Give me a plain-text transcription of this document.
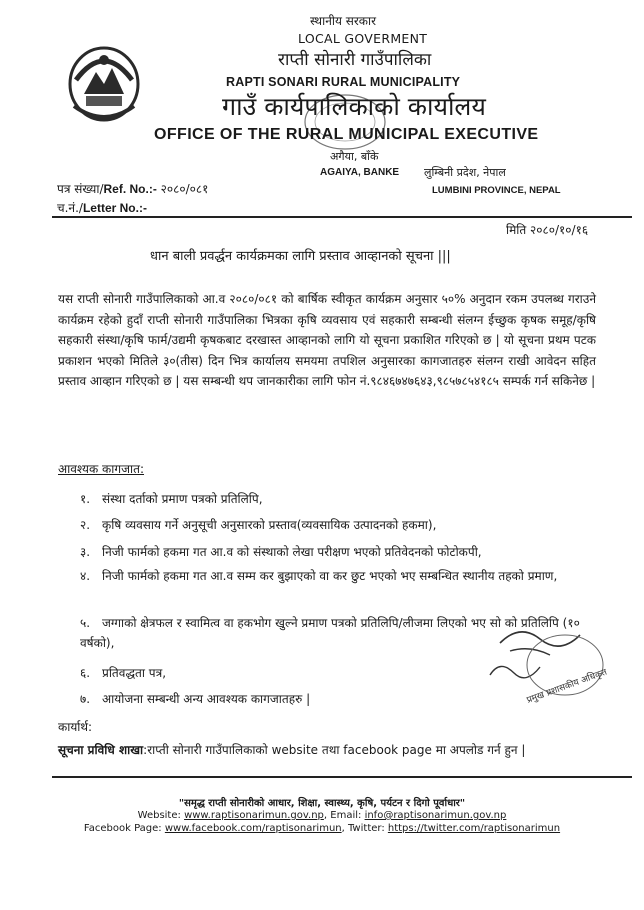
स्थानीय सरकार
LOCAL GOVERMENT
राप्ती सोनारी गाउँपालिका
RAPTI SONARI RURAL MUNICIPALITY
गाउँ कार्यपालिकाको कार्यालय
OFFICE OF THE RURAL MUNICIPAL EXECUTIVE
अगैया, बाँके
AGAIYA, BANKE लुम्बिनी प्रदेश, नेपाल
LUMBINI PROVINCE, NEPAL
पत्र संख्या/Ref. No.:- २०८०/०८१
च.नं./Letter No.:-
मिति २०८०/१०/१६
धान बाली प्रवर्द्धन कार्यक्रमका लागि प्रस्ताव आव्हानको सूचना |||
यस राप्ती सोनारी गाउँपालिकाको आ.व २०८०/०८१ को बार्षिक स्वीकृत कार्यक्रम अनुसार ५०% अनुदान रकम उपलब्ध गराउने कार्यक्रम रहेको हुदाँ राप्ती सोनारी गाउँपालिका भित्रका कृषि व्यवसाय एवं सहकारी सम्बन्धी संलग्न ईच्छुक कृषक समूह/कृषि सहकारी संस्था/कृषि फार्म/उद्यमी कृषकबाट दरखास्त आव्हानको लागि यो सूचना प्रकाशित गरिएको छ | यो सूचना प्रथम पटक प्रकाशन भएको मितिले ३०(तीस) दिन भित्र कार्यालय समयमा तपशिल अनुसारका कागजातहरु संलग्न राखी आवेदन सहित प्रस्ताव आव्हान गरिएको छ | यस सम्बन्धी थप जानकारीका लागि फोन नं.९८४६७४७६४३,९८५७८५४१८५ सम्पर्क गर्न सकिनेछ |
आवश्यक कागजात:
१. संस्था दर्ताको प्रमाण पत्रको प्रतिलिपि,
२. कृषि व्यवसाय गर्ने अनुसूची अनुसारको प्रस्ताव(व्यवसायिक उत्पादनको हकमा),
३. निजी फार्मको हकमा गत आ.व को संस्थाको लेखा परीक्षण भएको प्रतिवेदनको फोटोकपी,
४. निजी फार्मको हकमा गत आ.व सम्म कर बुझाएको वा कर छुट भएको भए सम्बन्धित स्थानीय तहको प्रमाण,
५. जग्गाको क्षेत्रफल र स्वामित्व वा हकभोग खुल्ने प्रमाण पत्रको प्रतिलिपि/लीजमा लिएको भए सो को प्रतिलिपि (१० वर्षको),
६. प्रतिवद्धता पत्र,
७. आयोजना सम्बन्धी अन्य आवश्यक कागजातहरु |	प्रमुख प्रशासकीय अधिकृत
कार्यार्थ:
सूचना प्रविधि शाखा:राप्ती सोनारी गाउँपालिकाको website तथा facebook page मा अपलोड गर्न हुन |
"समृद्ध राप्ती सोनारीको आधार, शिक्षा, स्वास्थ्य, कृषि, पर्यटन र दिगो पूर्वाधार"
Website: www.raptisonarimun.gov.np, Email: info@raptisonarimun.gov.np
Facebook Page: www.facebook.com/raptisonarimun, Twitter: https://twitter.com/raptisonarimun
